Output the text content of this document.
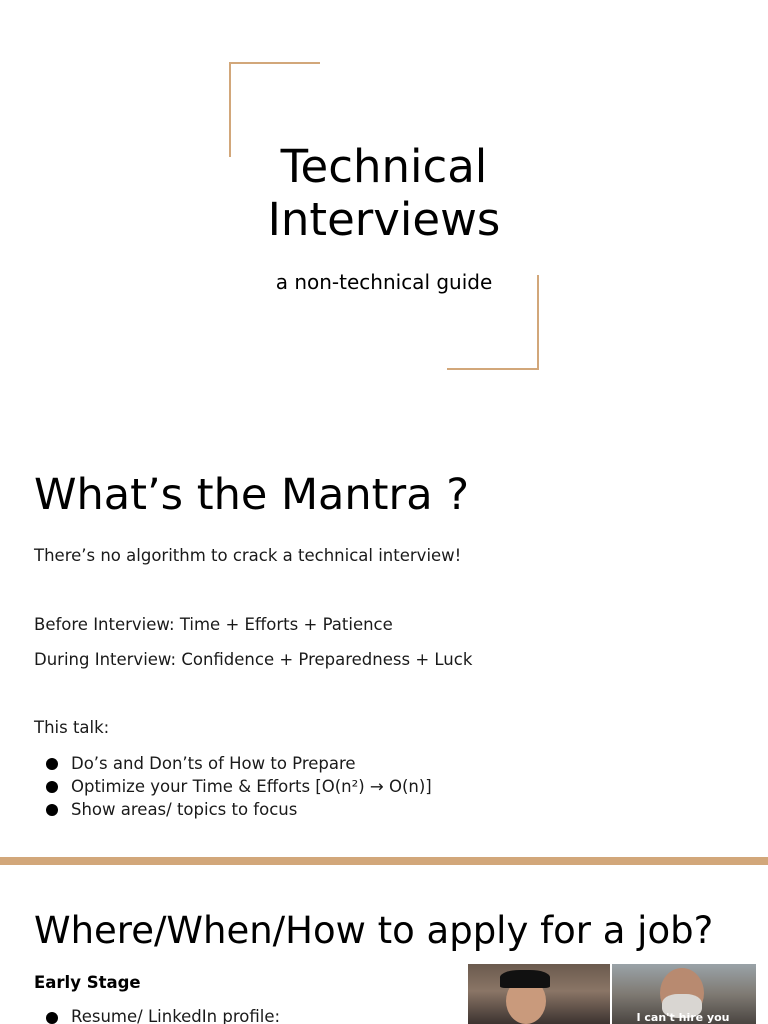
Technical
Interviews
a non-technical guide
What’s the Mantra ?
There’s no algorithm to crack a technical interview!
Before Interview: Time + Efforts + Patience
During Interview: Confidence + Preparedness + Luck
This talk:
Do’s and Don’ts of How to Prepare
Optimize your Time & Efforts [O(n²) → O(n)]
Show areas/ topics to focus
Where/When/How to apply for a job?
Early Stage
Resume/ LinkedIn profile:	I can't hire you
